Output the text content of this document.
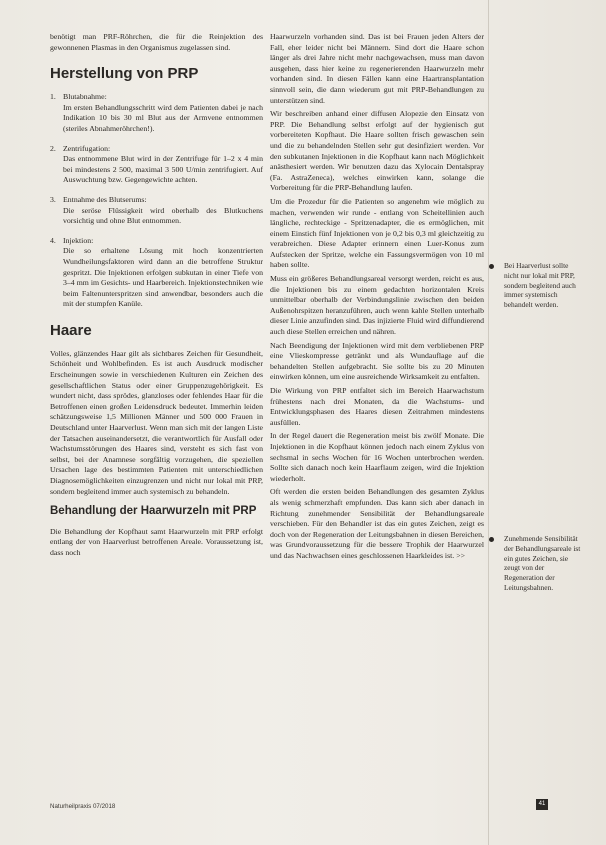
benötigt man PRF-Röhrchen, die für die Reinjektion des gewonnenen Plasmas in den Organismus zugelassen sind.

Herstellung von PRP
1. Blutabnahme:
Im ersten Behandlungsschritt wird dem Patienten dabei je nach Indikation 10 bis 30 ml Blut aus der Armvene entnommen (steriles Abnahmeröhrchen!).
2. Zentrifugation:
Das entnommene Blut wird in der Zentrifuge für 1–2 x 4 min bei mindestens 2 500, maximal 3 500 U/min zentrifugiert. Auf Auswuchtung bzw. Gegengewichte achten.
3. Entnahme des Blutserums:
Die seröse Flüssigkeit wird oberhalb des Blutkuchens vorsichtig und ohne Blut entnommen.
4. Injektion:
Die so erhaltene Lösung mit hoch konzentrierten Wundheilungsfaktoren wird dann an die betroffene Struktur gespritzt. Die Injektionen erfolgen subkutan in einer Tiefe von 3–4 mm im Gesichts- und Haarbereich. Injektionstechniken wie beim Faltenunterspritzen sind anwendbar, besonders auch die mit der stumpfen Kanüle.
Haare

Volles, glänzendes Haar gilt als sichtbares Zeichen für Gesundheit, Schönheit und Wohlbefinden. Es ist auch Ausdruck modischer Erscheinungen sowie in verschiedenen Kulturen ein Zeichen des gesellschaftlichen Status oder einer Gruppenzugehörigkeit. Es wundert nicht, dass sprödes, glanzloses oder fehlendes Haar für die Betroffenen einen großen Leidensdruck bedeutet. Immerhin leiden schätzungsweise 1,5 Millionen Männer und 500 000 Frauen in Deutschland unter Haarverlust. Wenn man sich mit der langen Liste der Tatsachen auseinandersetzt, die verantwortlich für Ausfall oder Wachstumsstörungen des Haares sind, versteht es sich fast von selbst, bei der Anamnese sorgfältig vorzugehen, die speziellen Ursachen lage des bestimmten Patienten mit unterschiedlichen Diagnosemöglichkeiten einzugrenzen und nicht nur lokal mit PRP, sondern begleitend immer auch systemisch zu behandeln.

Behandlung der Haarwurzeln mit PRP

Die Behandlung der Kopfhaut samt Haarwurzeln mit PRP erfolgt entlang der von Haarverlust betroffenen Areale. Voraussetzung ist, dass noch

Haarwurzeln vorhanden sind. Das ist bei Frauen jeden Alters der Fall, eher leider nicht bei Männern. Sind dort die Haare schon länger als drei Jahre nicht mehr nachgewachsen, muss man davon ausgehen, dass hier keine zu regenerierenden Haarwurzeln mehr vorhanden sind. In diesen Fällen kann eine Haartransplantation sinnvoll sein, die dann wiederum gut mit PRP-Behandlungen zu unterstützen sind.

Wir beschreiben anhand einer diffusen Alopezie den Einsatz von PRP. Die Behandlung selbst erfolgt auf der hygienisch gut vorbereiteten Kopfhaut. Die Haare sollten frisch gewaschen sein und die zu behandelnden Stellen sehr gut desinfiziert werden. Vor den subkutanen Injektionen in die Kopfhaut kann nach Möglichkeit anästhesiert werden. Wir benutzen dazu das Xylocain Dentalspray (Fa. AstraZeneca), welches einwirken kann, solange die Vorbereitung für die PRP-Behandlung laufen.

Um die Prozedur für die Patienten so angenehm wie möglich zu machen, verwenden wir runde - entlang von Scheitellinien auch längliche, rechteckige - Spritzenadapter, die es ermöglichen, mit einem Einstich fünf Injektionen von je 0,2 bis 0,3 ml gleichzeitig zu verabreichen. Diese Adapter erinnern einen Luer-Konus zum Aufstecken der Spritze, welche ein Fassungsvermögen von 10 ml haben sollte.

Muss ein größeres Behandlungsareal versorgt werden, reicht es aus, die Injektionen bis zu einem gedachten horizontalen Kreis unmittelbar oberhalb der Verbindungslinie zwischen den beiden Außenohrspitzen heranzuführen, auch wenn kahle Stellen unterhalb dieser Linie anzufinden sind. Das injizierte Fluid wird diffundierend auch diese Stellen erreichen und nähren.

Nach Beendigung der Injektionen wird mit dem verbliebenen PRP eine Vlieskompresse getränkt und als Wundauflage auf die behandelten Stellen aufgebracht. Sie sollte bis zu 20 Minuten einwirken können, um eine ausreichende Wirksamkeit zu entfalten.

Die Wirkung von PRP entfaltet sich im Bereich Haarwachstum frühestens nach drei Monaten, da die Wachstums- und Entwicklungsphasen des Haares diesen Zeitrahmen mindestens ausfüllen.

In der Regel dauert die Regeneration meist bis zwölf Monate. Die Injektionen in die Kopfhaut können jedoch nach einem Zyklus von sechsmal in sechs Wochen für 16 Wochen unterbrochen werden. Sollte sich danach noch kein Haarflaum zeigen, wird die Injektion wiederholt.

Oft werden die ersten beiden Behandlungen des gesamten Zyklus als wenig schmerzhaft empfunden. Das kann sich aber danach in Richtung zunehmender Sensibilität der Behandlungsareale verschieben. Für den Behandler ist das ein gutes Zeichen, zeigt es doch von der Regeneration der Leitungsbahnen in diesen Bereichen, was Grundvoraussetzung für die bessere Trophik der Haarwurzel und das Nachwachsen eines geschlossenen Haarkleides ist. >>

Bei Haarverlust sollte nicht nur lokal mit PRP, sondern begleitend auch immer systemisch behandelt werden.
Zunehmende Sensibilität der Behandlungsareale ist ein gutes Zeichen, sie zeugt von der Regeneration der Leitungsbahnen.
Naturheilpraxis 07/2018	41
